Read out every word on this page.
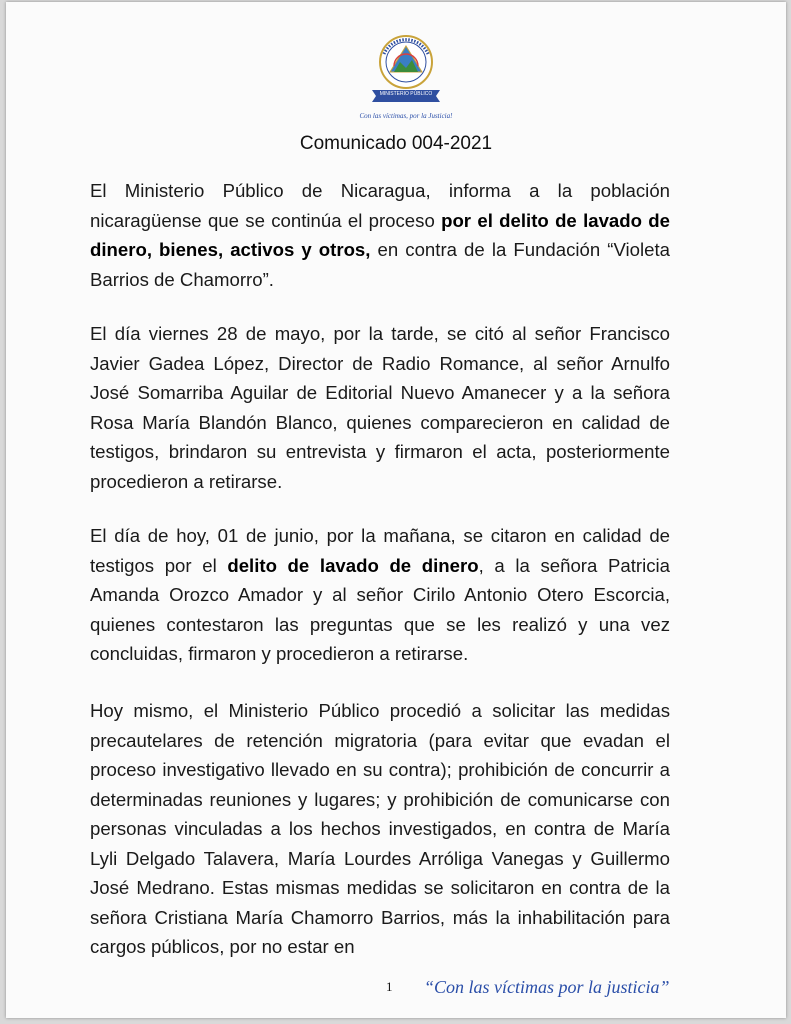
MINISTERIO PÚBLICO
Con las víctimas, por la Justicia!
Comunicado 004-2021
El Ministerio Público de Nicaragua, informa a la población nicaragüense que se continúa el proceso por el delito de lavado de dinero, bienes, activos y otros, en contra de la Fundación “Violeta Barrios de Chamorro”.
El día viernes 28 de mayo, por la tarde, se citó al señor Francisco Javier Gadea López, Director de Radio Romance, al señor Arnulfo José Somarriba Aguilar de Editorial Nuevo Amanecer y a la señora Rosa María Blandón Blanco, quienes comparecieron en calidad de testigos, brindaron su entrevista y firmaron el acta, posteriormente procedieron a retirarse.
El día de hoy, 01 de junio, por la mañana, se citaron en calidad de testigos por el delito de lavado de dinero, a la señora Patricia Amanda Orozco Amador y al señor Cirilo Antonio Otero Escorcia, quienes contestaron las preguntas que se les realizó y una vez concluidas, firmaron y procedieron a retirarse.
Hoy mismo, el Ministerio Público procedió a solicitar las medidas precautelares de retención migratoria (para evitar que evadan el proceso investigativo llevado en su contra); prohibición de concurrir a determinadas reuniones y lugares; y prohibición de comunicarse con personas vinculadas a los hechos investigados, en contra de María Lyli Delgado Talavera, María Lourdes Arróliga Vanegas y Guillermo José Medrano. Estas mismas medidas se solicitaron en contra de la señora Cristiana María Chamorro Barrios, más la inhabilitación para cargos públicos, por no estar en
1 “Con las víctimas por la justicia”
